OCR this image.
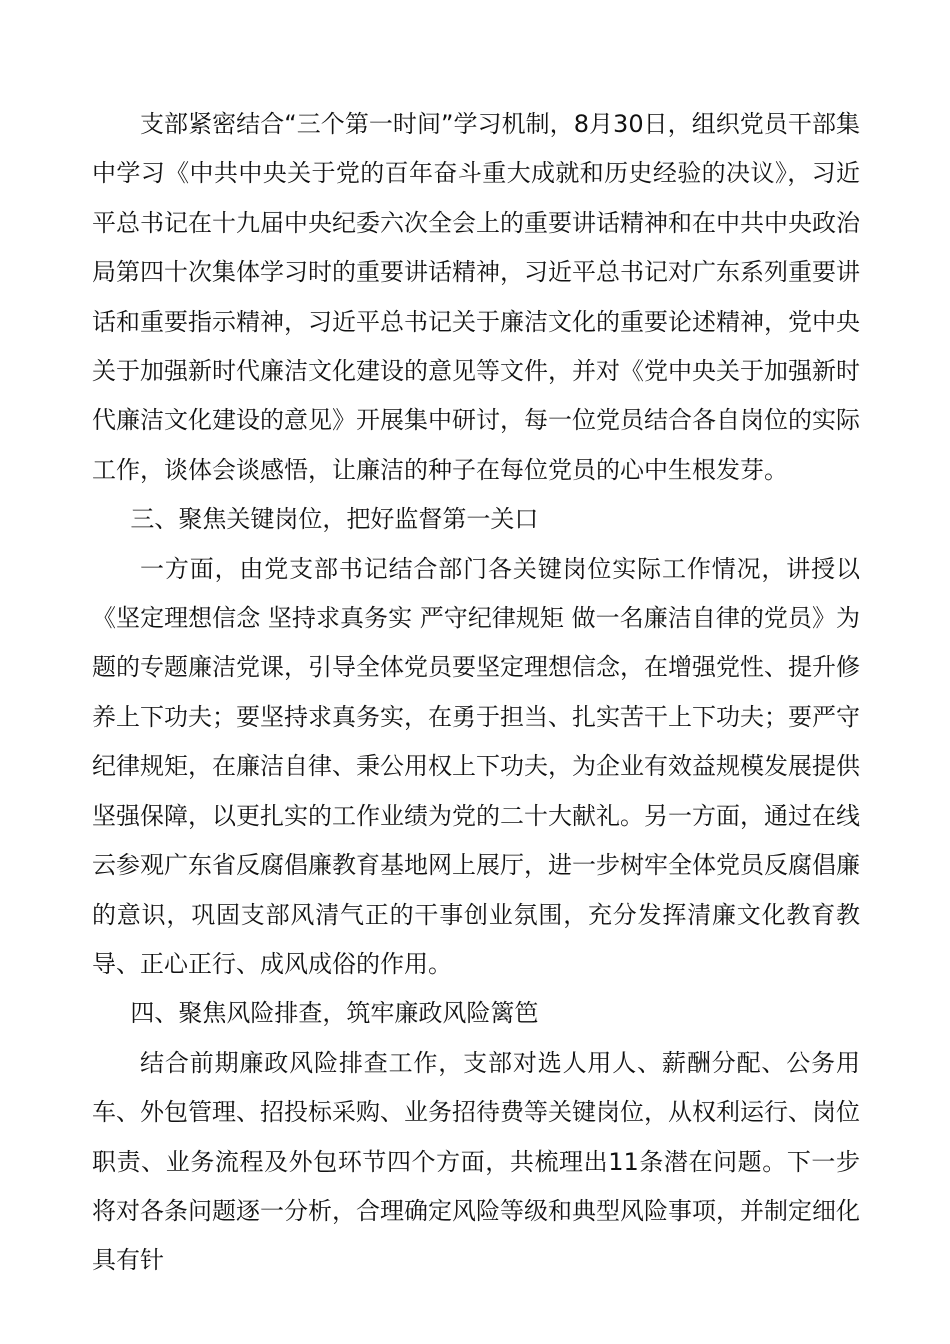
支部紧密结合“三个第一时间”学习机制，8月30日，组织党员干部集中学习《中共中央关于党的百年奋斗重大成就和历史经验的决议》，习近平总书记在十九届中央纪委六次全会上的重要讲话精神和在中共中央政治局第四十次集体学习时的重要讲话精神，习近平总书记对广东系列重要讲话和重要指示精神，习近平总书记关于廉洁文化的重要论述精神，党中央关于加强新时代廉洁文化建设的意见等文件，并对《党中央关于加强新时代廉洁文化建设的意见》开展集中研讨，每一位党员结合各自岗位的实际工作，谈体会谈感悟，让廉洁的种子在每位党员的心中生根发芽。

三、聚焦关键岗位，把好监督第一关口

一方面，由党支部书记结合部门各关键岗位实际工作情况，讲授以《坚定理想信念 坚持求真务实 严守纪律规矩 做一名廉洁自律的党员》为题的专题廉洁党课，引导全体党员要坚定理想信念，在增强党性、提升修养上下功夫；要坚持求真务实，在勇于担当、扎实苦干上下功夫；要严守纪律规矩，在廉洁自律、秉公用权上下功夫，为企业有效益规模发展提供坚强保障，以更扎实的工作业绩为党的二十大献礼。另一方面，通过在线云参观广东省反腐倡廉教育基地网上展厅，进一步树牢全体党员反腐倡廉的意识，巩固支部风清气正的干事创业氛围，充分发挥清廉文化教育教导、正心正行、成风成俗的作用。

四、聚焦风险排查，筑牢廉政风险篱笆

结合前期廉政风险排查工作，支部对选人用人、薪酬分配、公务用车、外包管理、招投标采购、业务招待费等关键岗位，从权利运行、岗位职责、业务流程及外包环节四个方面，共梳理出11条潜在问题。下一步将对各条问题逐一分析，合理确定风险等级和典型风险事项，并制定细化具有针
